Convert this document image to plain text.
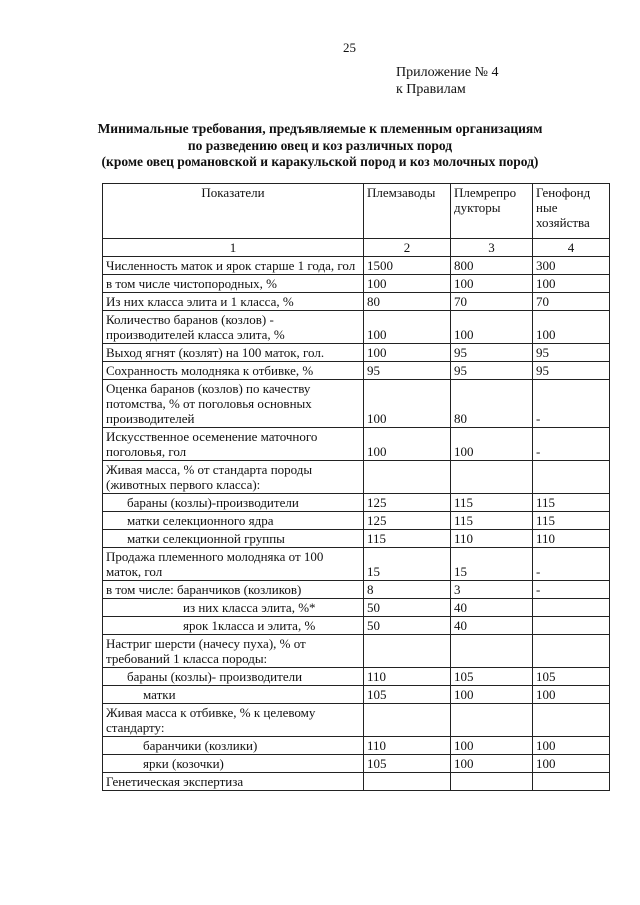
25
Приложение № 4
к Правилам
Минимальные требования, предъявляемые к племенным организациям
по разведению овец и коз различных пород
(кроме овец романовской и каракульской пород и коз молочных пород)
Показатели	Племзаводы	Племрепро дукторы	Генофонд ные хозяйства
1	2	3	4
Численность маток и ярок старше 1 года, гол	1500	800	300
в том числе чистопородных, %	100	100	100
Из них класса элита и 1 класса, %	80	70	70
Количество баранов (козлов) - производителей класса элита, %	100	100	100
Выход ягнят (козлят) на 100 маток, гол.	100	95	95
Сохранность молодняка к отбивке, %	95	95	95
Оценка баранов (козлов) по качеству потомства, % от поголовья основных производителей	100	80	-
Искусственное осеменение маточного поголовья, гол	100	100	-
Живая масса, % от стандарта породы (животных первого класса):			
бараны (козлы)-производители	125	115	115
матки селекционного ядра	125	115	115
матки селекционной группы	115	110	110
Продажа племенного молодняка от 100 маток, гол	15	15	-
в том числе: баранчиков (козликов)	8	3	-
из них класса элита, %*	50	40	
ярок 1класса и элита, %	50	40	
Настриг шерсти (начесу пуха), % от требований 1 класса породы:			
бараны (козлы)- производители	110	105	105
матки	105	100	100
Живая масса к отбивке, % к целевому стандарту:			
баранчики (козлики)	110	100	100
ярки (козочки)	105	100	100
Генетическая экспертиза			
